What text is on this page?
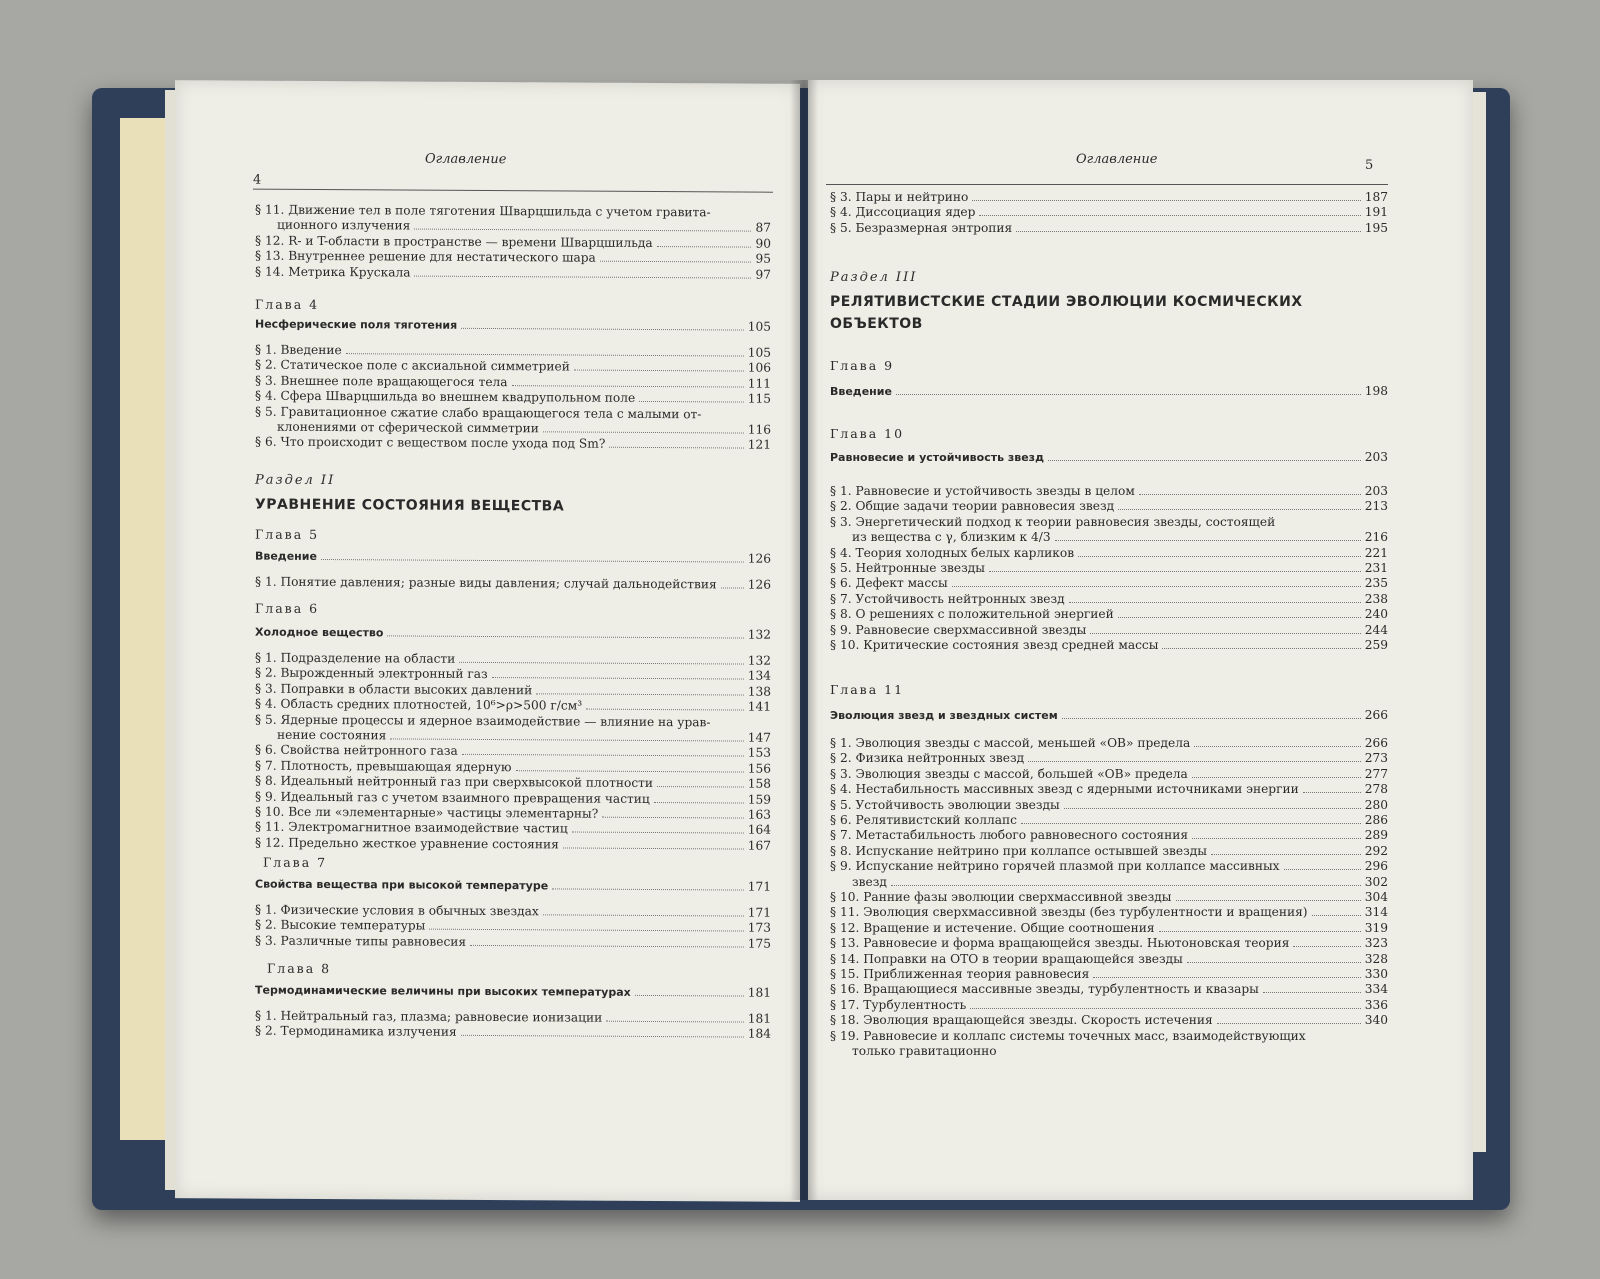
Оглавление
4
§ 11. Движение тел в поле тяготения Шварцшильда с учетом гравита-
ционного излучения	87
§ 12. R- и T-области в пространстве — времени Шварцшильда	90
§ 13. Внутреннее решение для нестатического шара	95
§ 14. Метрика Крускала	97
Глава 4
Несферические поля тяготения	105
§ 1. Введение	105
§ 2. Статическое поле с аксиальной симметрией	106
§ 3. Внешнее поле вращающегося тела	111
§ 4. Сфера Шварцшильда во внешнем квадрупольном поле	115
§ 5. Гравитационное сжатие слабо вращающегося тела с малыми от-
клонениями от сферической симметрии	116
§ 6. Что происходит с веществом после ухода под Sm?	121
Раздел II
УРАВНЕНИЕ СОСТОЯНИЯ ВЕЩЕСТВА
Глава 5
Введение	126
§ 1. Понятие давления; разные виды давления; случай дальнодействия	126
Глава 6
Холодное вещество	132
§ 1. Подразделение на области	132
§ 2. Вырожденный электронный газ	134
§ 3. Поправки в области высоких давлений	138
§ 4. Область средних плотностей, 10⁶>ρ>500 г/см³	141
§ 5. Ядерные процессы и ядерное взаимодействие — влияние на урав-
нение состояния	147
§ 6. Свойства нейтронного газа	153
§ 7. Плотность, превышающая ядерную	156
§ 8. Идеальный нейтронный газ при сверхвысокой плотности	158
§ 9. Идеальный газ с учетом взаимного превращения частиц	159
§ 10. Все ли «элементарные» частицы элементарны?	163
§ 11. Электромагнитное взаимодействие частиц	164
§ 12. Предельно жесткое уравнение состояния	167
Глава 7
Свойства вещества при высокой температуре	171
§ 1. Физические условия в обычных звездах	171
§ 2. Высокие температуры	173
§ 3. Различные типы равновесия	175
Глава 8
Термодинамические величины при высоких температурах	181
§ 1. Нейтральный газ, плазма; равновесие ионизации	181
§ 2. Термодинамика излучения	184
Оглавление	5
§ 3. Пары и нейтрино	187
§ 4. Диссоциация ядер	191
§ 5. Безразмерная энтропия	195
Раздел III
РЕЛЯТИВИСТСКИЕ СТАДИИ ЭВОЛЮЦИИ КОСМИЧЕСКИХ
ОБЪЕКТОВ
Глава 9
Введение	198
Глава 10
Равновесие и устойчивость звезд	203
§ 1. Равновесие и устойчивость звезды в целом	203
§ 2. Общие задачи теории равновесия звезд	213
§ 3. Энергетический подход к теории равновесия звезды, состоящей
из вещества с γ, близким к 4/3	216
§ 4. Теория холодных белых карликов	221
§ 5. Нейтронные звезды	231
§ 6. Дефект массы	235
§ 7. Устойчивость нейтронных звезд	238
§ 8. О решениях с положительной энергией	240
§ 9. Равновесие сверхмассивной звезды	244
§ 10. Критические состояния звезд средней массы	259
Глава 11
Эволюция звезд и звездных систем	266
§ 1. Эволюция звезды с массой, меньшей «ОВ» предела	266
§ 2. Физика нейтронных звезд	273
§ 3. Эволюция звезды с массой, большей «ОВ» предела	277
§ 4. Нестабильность массивных звезд с ядерными источниками энергии	278
§ 5. Устойчивость эволюции звезды	280
§ 6. Релятивистский коллапс	286
§ 7. Метастабильность любого равновесного состояния	289
§ 8. Испускание нейтрино при коллапсе остывшей звезды	292
§ 9. Испускание нейтрино горячей плазмой при коллапсе массивных	296
звезд	302
§ 10. Ранние фазы эволюции сверхмассивной звезды	304
§ 11. Эволюция сверхмассивной звезды (без турбулентности и вращения)	314
§ 12. Вращение и истечение. Общие соотношения	319
§ 13. Равновесие и форма вращающейся звезды. Ньютоновская теория	323
§ 14. Поправки на ОТО в теории вращающейся звезды	328
§ 15. Приближенная теория равновесия	330
§ 16. Вращающиеся массивные звезды, турбулентность и квазары	334
§ 17. Турбулентность	336
§ 18. Эволюция вращающейся звезды. Скорость истечения	340
§ 19. Равновесие и коллапс системы точечных масс, взаимодействующих
только гравитационно
